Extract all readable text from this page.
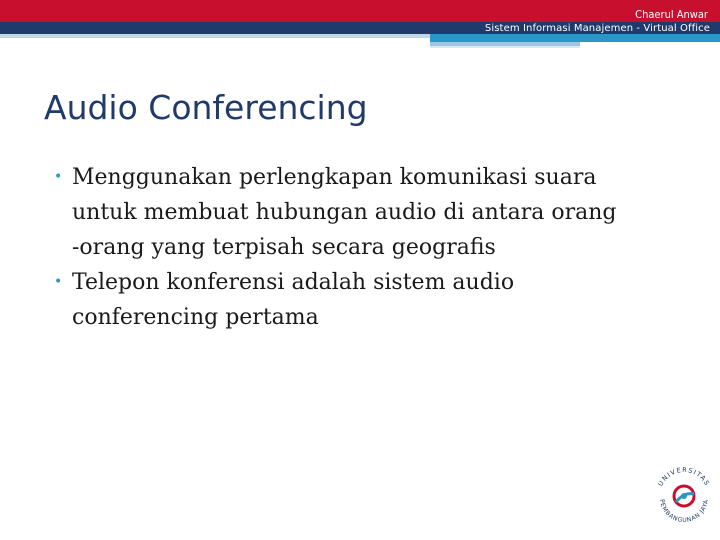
Chaerul Anwar
Sistem Informasi Manajemen - Virtual Office
Audio Conferencing
• Menggunakan perlengkapan komunikasi suara
untuk membuat hubungan audio di antara orang
-orang yang terpisah secara geografis
• Telepon konferensi adalah sistem audio
conferencing pertama
UNIVERSITAS
PEMBANGUNAN JAYA
